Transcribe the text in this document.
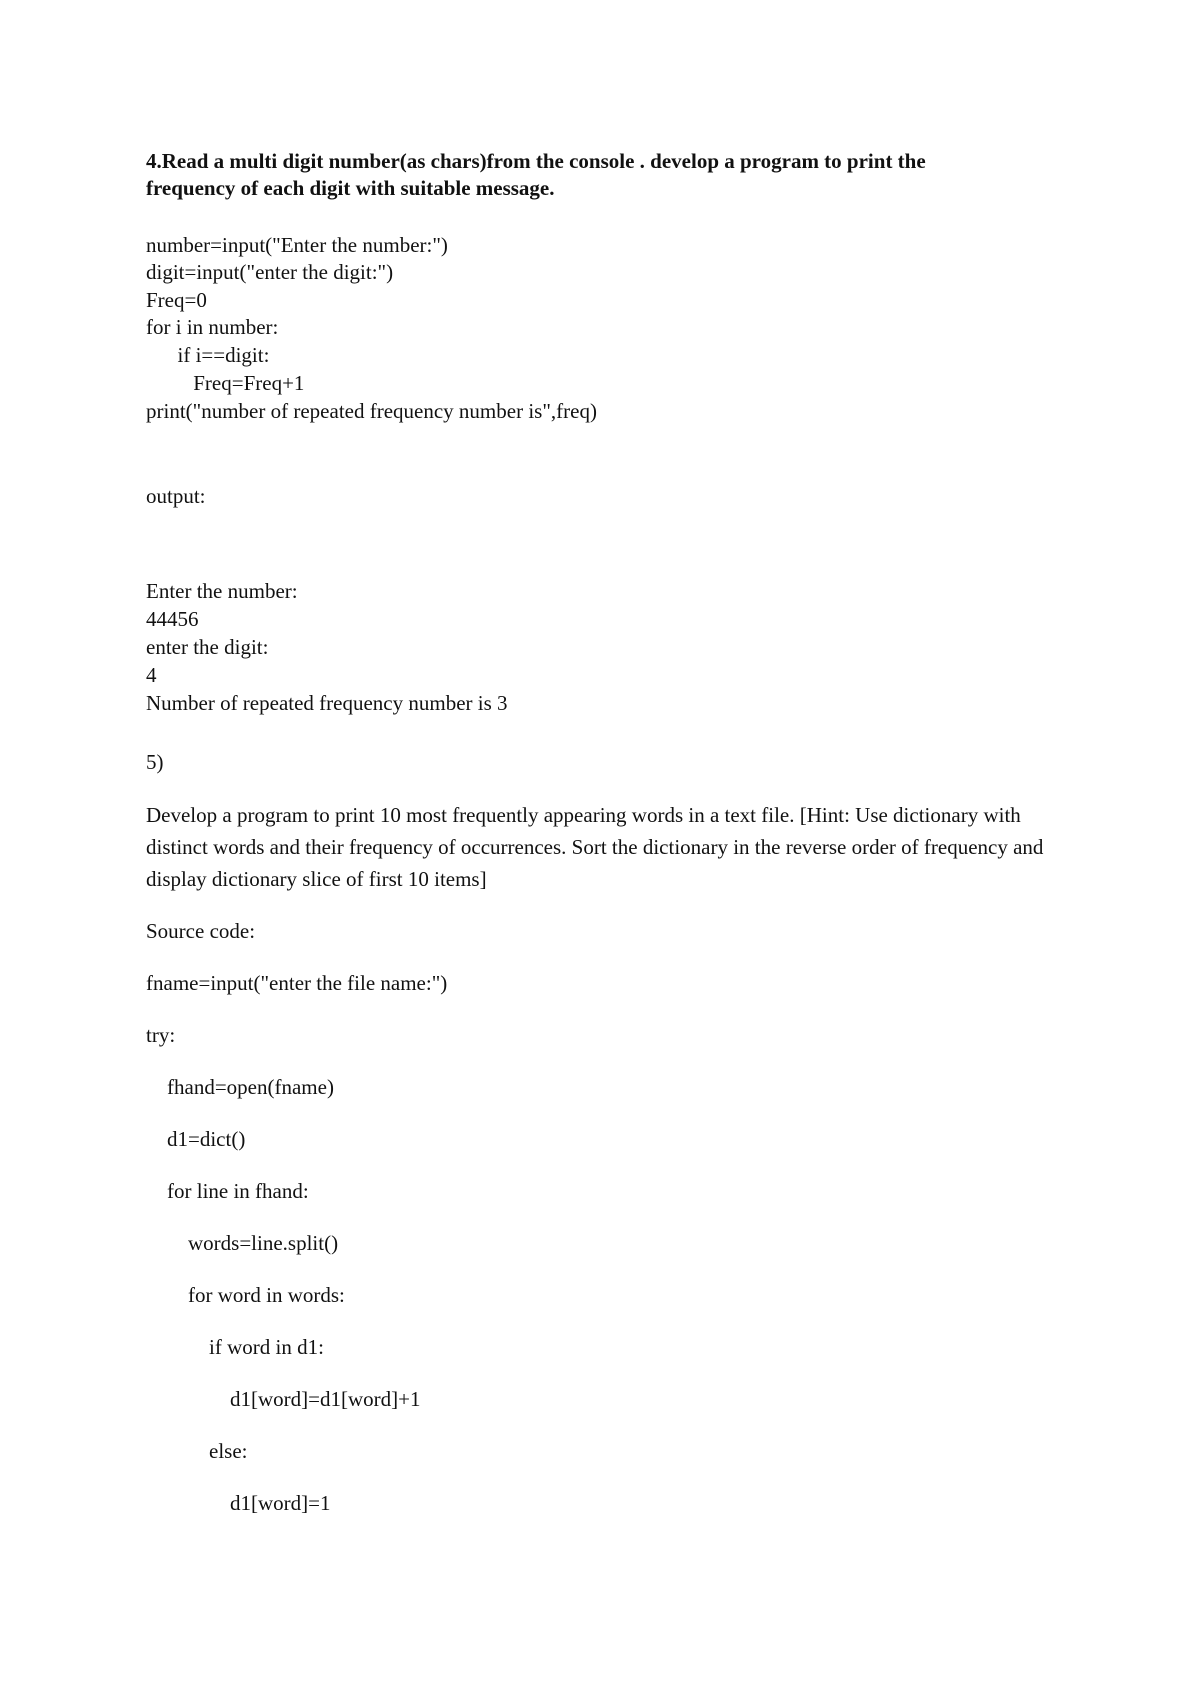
4.Read a multi digit number(as chars)from the console . develop a program to print the

frequency of each digit with suitable message.

number=input("Enter the number:")

digit=input("enter the digit:")

Freq=0

for i in number:

if i==digit:

Freq=Freq+1

print("number of repeated frequency number is",freq)

output:

Enter the number:

44456

enter the digit:

4

Number of repeated frequency number is 3

5)

Develop a program to print 10 most frequently appearing words in a text file. [Hint: Use dictionary with distinct words and their frequency of occurrences. Sort the dictionary in the reverse order of frequency and display dictionary slice of first 10 items]

Source code:

fname=input("enter the file name:")

try:

fhand=open(fname)

d1=dict()

for line in fhand:

words=line.split()

for word in words:

if word in d1:

d1[word]=d1[word]+1

else:

d1[word]=1
